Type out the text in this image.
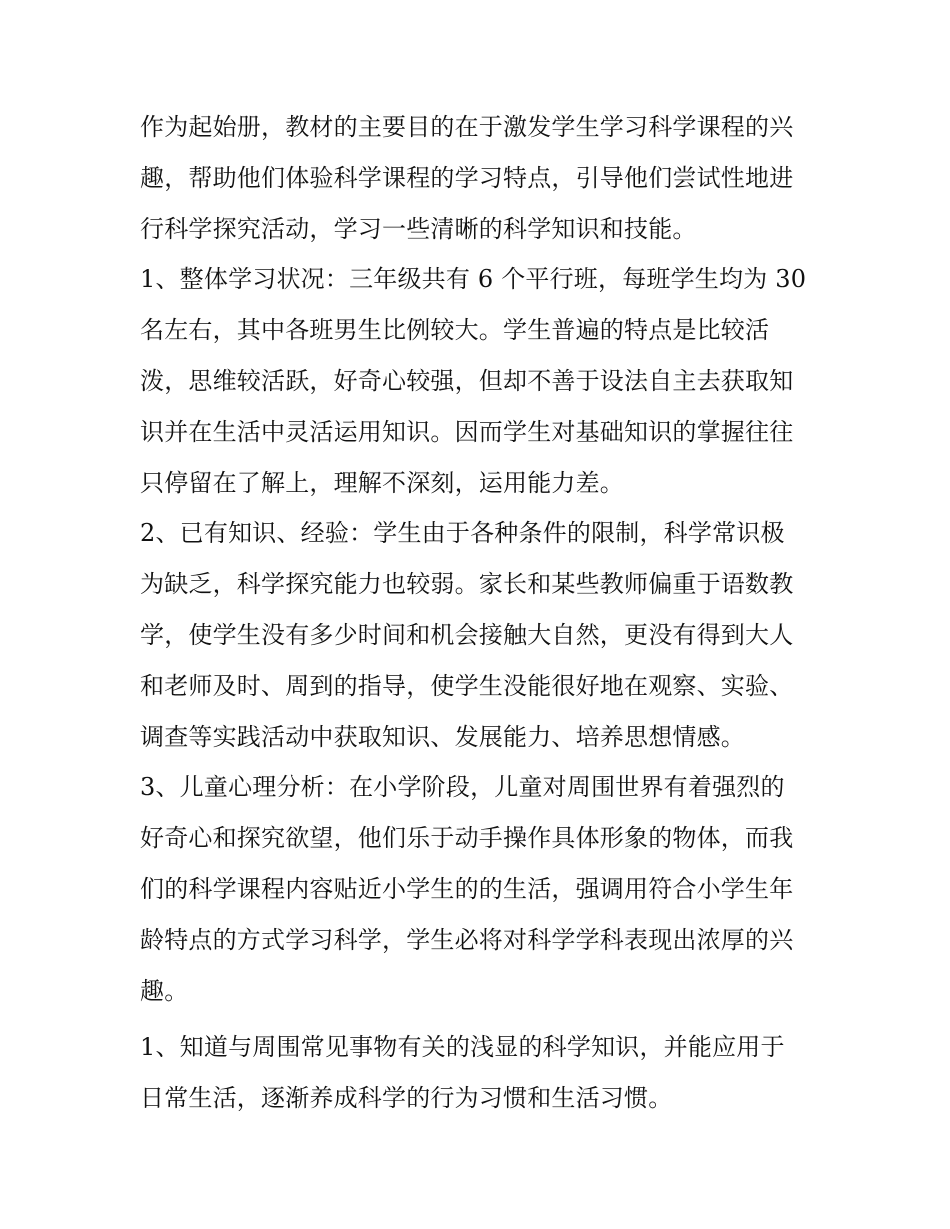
作为起始册，教材的主要目的在于激发学生学习科学课程的兴
趣，帮助他们体验科学课程的学习特点，引导他们尝试性地进
行科学探究活动，学习一些清晰的科学知识和技能。
1、整体学习状况：三年级共有 6 个平行班，每班学生均为 30
名左右，其中各班男生比例较大。学生普遍的特点是比较活
泼，思维较活跃，好奇心较强，但却不善于设法自主去获取知
识并在生活中灵活运用知识。因而学生对基础知识的掌握往往
只停留在了解上，理解不深刻，运用能力差。
2、已有知识、经验：学生由于各种条件的限制，科学常识极
为缺乏，科学探究能力也较弱。家长和某些教师偏重于语数教
学，使学生没有多少时间和机会接触大自然，更没有得到大人
和老师及时、周到的指导，使学生没能很好地在观察、实验、
调查等实践活动中获取知识、发展能力、培养思想情感。
3、儿童心理分析：在小学阶段，儿童对周围世界有着强烈的
好奇心和探究欲望，他们乐于动手操作具体形象的物体，而我
们的科学课程内容贴近小学生的的生活，强调用符合小学生年
龄特点的方式学习科学，学生必将对科学学科表现出浓厚的兴
趣。
1、知道与周围常见事物有关的浅显的科学知识，并能应用于
日常生活，逐渐养成科学的行为习惯和生活习惯。
